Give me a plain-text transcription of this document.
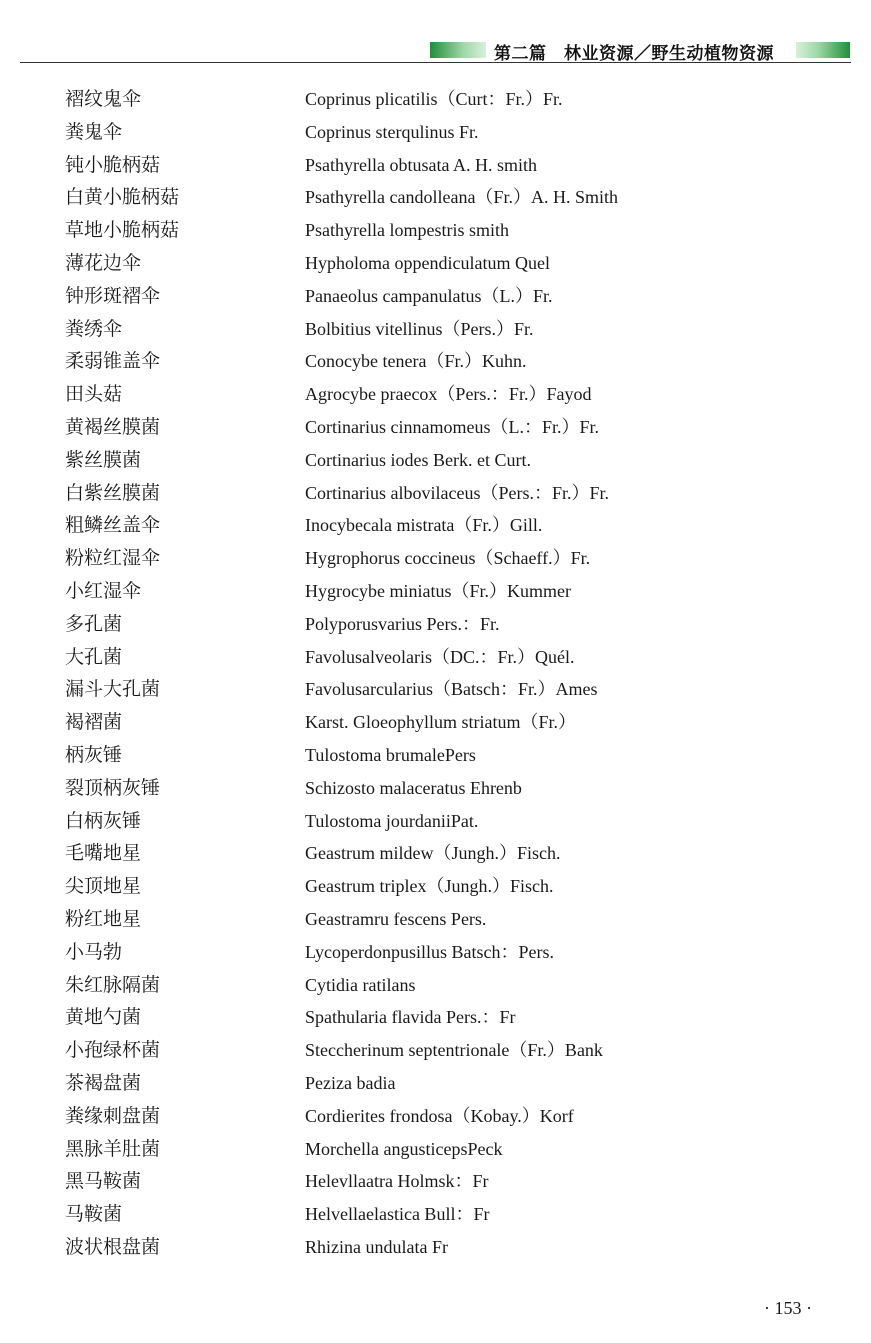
第二篇　林业资源／野生动植物资源
褶纹鬼伞	Coprinus plicatilis（Curt：Fr.）Fr.
粪鬼伞	Coprinus sterqulinus Fr.
钝小脆柄菇	Psathyrella obtusata A. H. smith
白黄小脆柄菇	Psathyrella candolleana（Fr.）A. H. Smith
草地小脆柄菇	Psathyrella lompestris smith
薄花边伞	Hypholoma oppendiculatum Quel
钟形斑褶伞	Panaeolus campanulatus（L.）Fr.
粪绣伞	Bolbitius vitellinus（Pers.）Fr.
柔弱锥盖伞	Conocybe tenera（Fr.）Kuhn.
田头菇	Agrocybe praecox（Pers.：Fr.）Fayod
黄褐丝膜菌	Cortinarius cinnamomeus（L.：Fr.）Fr.
紫丝膜菌	Cortinarius iodes Berk. et Curt.
白紫丝膜菌	Cortinarius albovilaceus（Pers.：Fr.）Fr.
粗鳞丝盖伞	Inocybecala mistrata（Fr.）Gill.
粉粒红湿伞	Hygrophorus coccineus（Schaeff.）Fr.
小红湿伞	Hygrocybe miniatus（Fr.）Kummer
多孔菌	Polyporusvarius Pers.：Fr.
大孔菌	Favolusalveolaris（DC.：Fr.）Quél.
漏斗大孔菌	Favolusarcularius（Batsch：Fr.）Ames
褐褶菌	Karst. Gloeophyllum striatum（Fr.）
柄灰锤	Tulostoma brumalePers
裂顶柄灰锤	Schizosto malaceratus Ehrenb
白柄灰锤	Tulostoma jourdaniiPat.
毛嘴地星	Geastrum mildew（Jungh.）Fisch.
尖顶地星	Geastrum triplex（Jungh.）Fisch.
粉红地星	Geastramru fescens Pers.
小马勃	Lycoperdonpusillus Batsch：Pers.
朱红脉隔菌	Cytidia ratilans
黄地勺菌	Spathularia flavida Pers.：Fr
小孢绿杯菌	Steccherinum septentrionale（Fr.）Bank
茶褐盘菌	Peziza badia
粪缘刺盘菌	Cordierites frondosa（Kobay.）Korf
黑脉羊肚菌	Morchella angusticepsPeck
黑马鞍菌	Helevllaatra Holmsk：Fr
马鞍菌	Helvellaelastica Bull：Fr
波状根盘菌	Rhizina undulata Fr
· 153 ·
